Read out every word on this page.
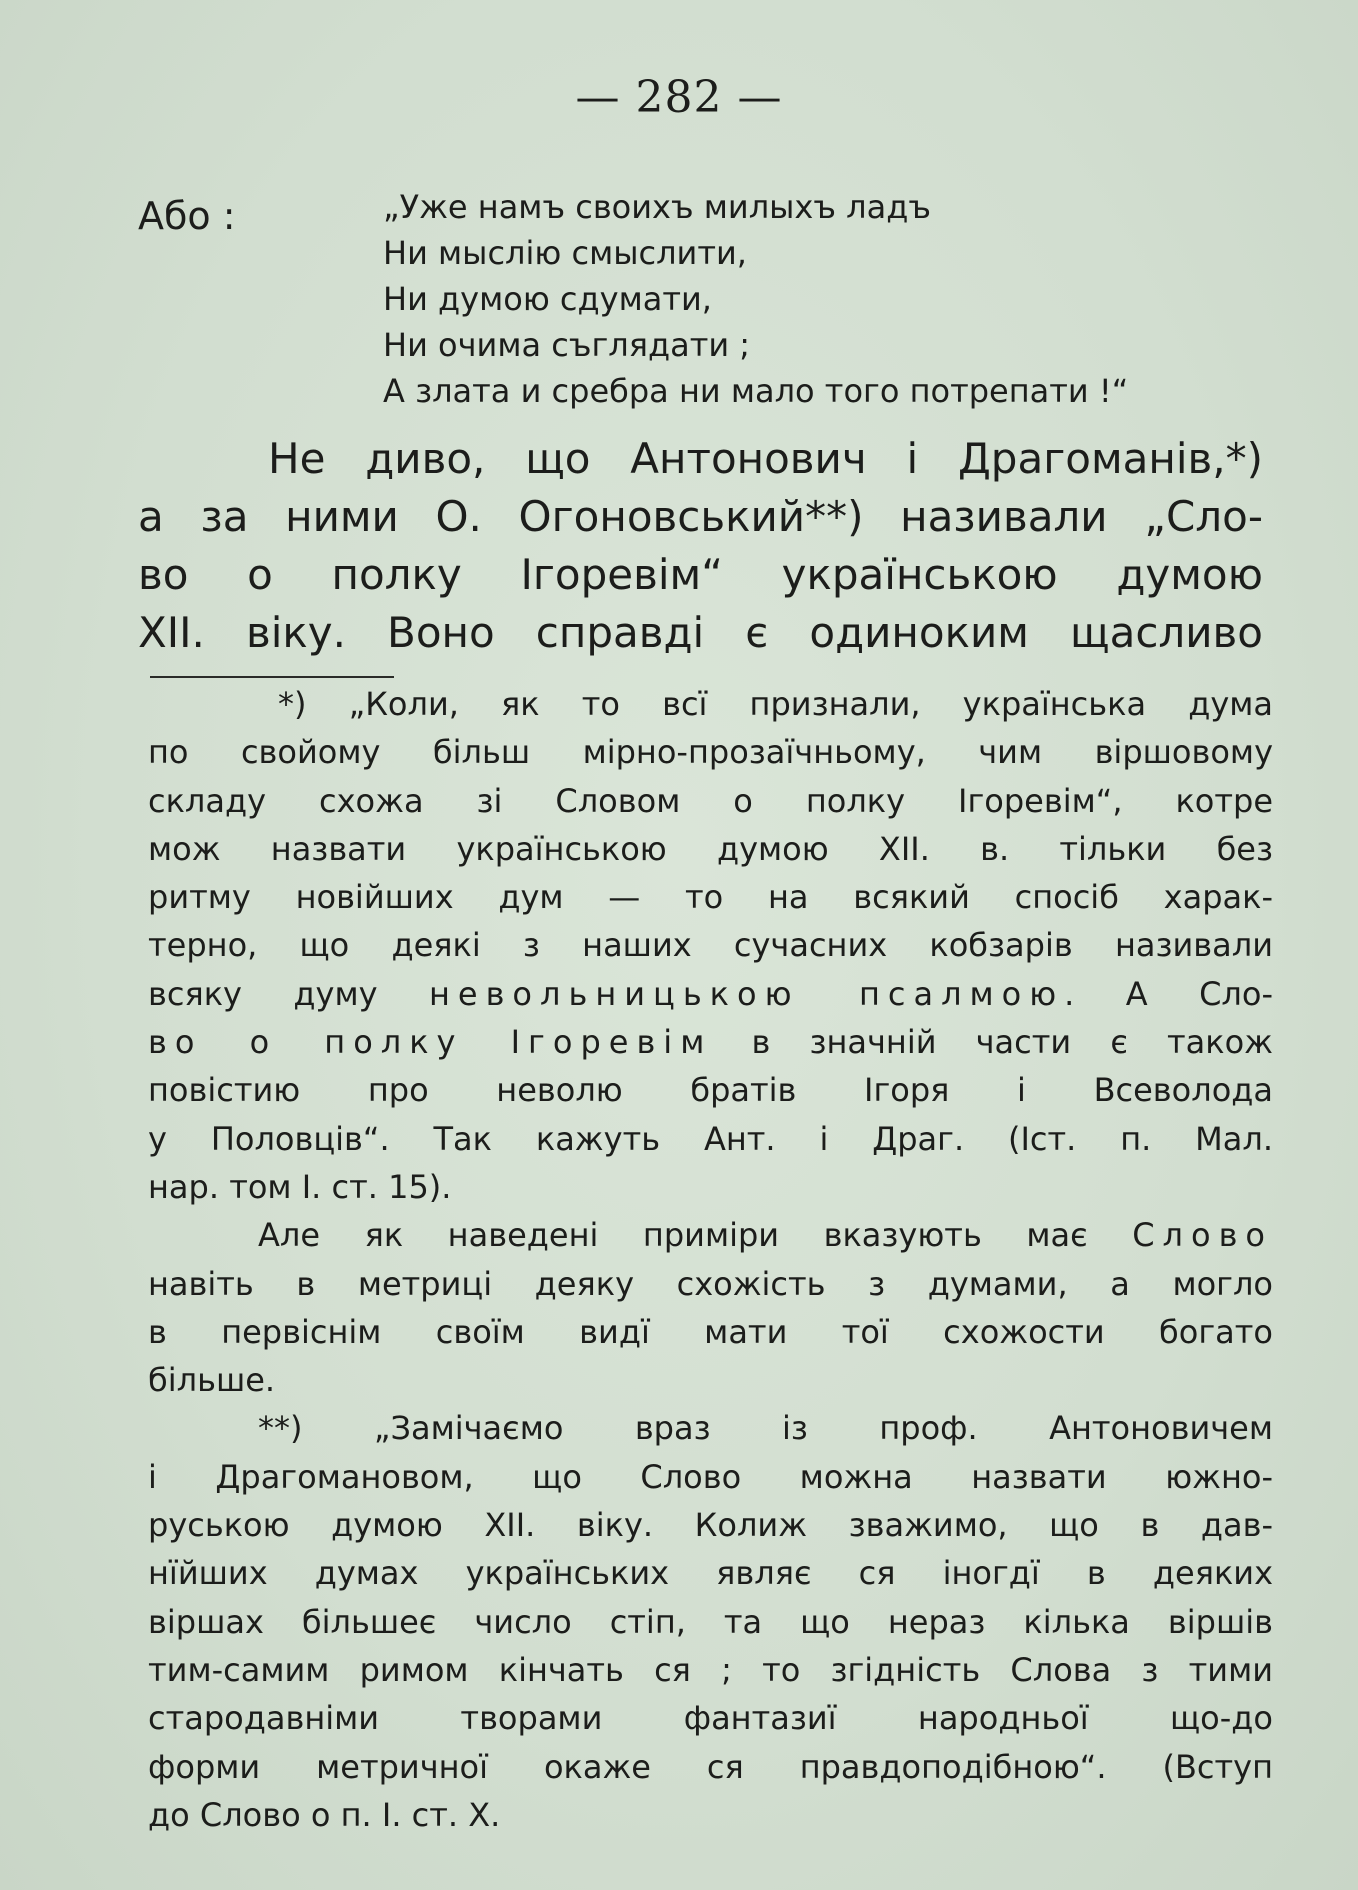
— 282 —
Або :	„Уже намъ своихъ милыхъ ладъ
Ни мыслію смыслити,
Ни думою сдумати,
Ни очима съглядати ;
А злата и сребра ни мало того потрепати !“
Не диво, що Антонович і Драгоманів,*)
а за ними О. Огоновський**) називали „Сло-
во о полку Ігоревім“ українською думою
XII. віку. Воно справді є одиноким щасливо
*) „Коли, як то всї признали, українська дума
по свойому більш мірно-прозаїчньому, чим віршовому
складу схожа зі Словом о полку Ігоревім“, котре
мож назвати українською думою XII. в. тільки без
ритму новійших дум — то на всякий спосіб харак-
терно, що деякі з наших сучасних кобзарів називали
всяку думу невольницькою псалмою. А Сло-
во о полку Ігоревім в значній части є також
повістию про неволю братів Ігоря і Всеволода
у Половців“. Так кажуть Ант. і Драг. (Іст. п. Мал.
нар. том І. ст. 15).
Але як наведені приміри вказують має Слово
навіть в метриці деяку схожість з думами, а могло
в первіснім своїм видї мати тої схожости богато
більше.
**) „Замічаємо враз із проф. Антоновичем
і Драгомановом, що Слово можна назвати южно-
руською думою XII. віку. Колиж зважимо, що в дав-
нїйших думах українських являє ся іногдї в деяких
віршах більшеє число стіп, та що нераз кілька віршів
тим-самим римом кінчать ся ; то згідність Слова з тими
стародавніми творами фантазиї народньої що-до
форми метричної окаже ся правдоподібною“. (Вступ
до Слово о п. І. ст. Х.
